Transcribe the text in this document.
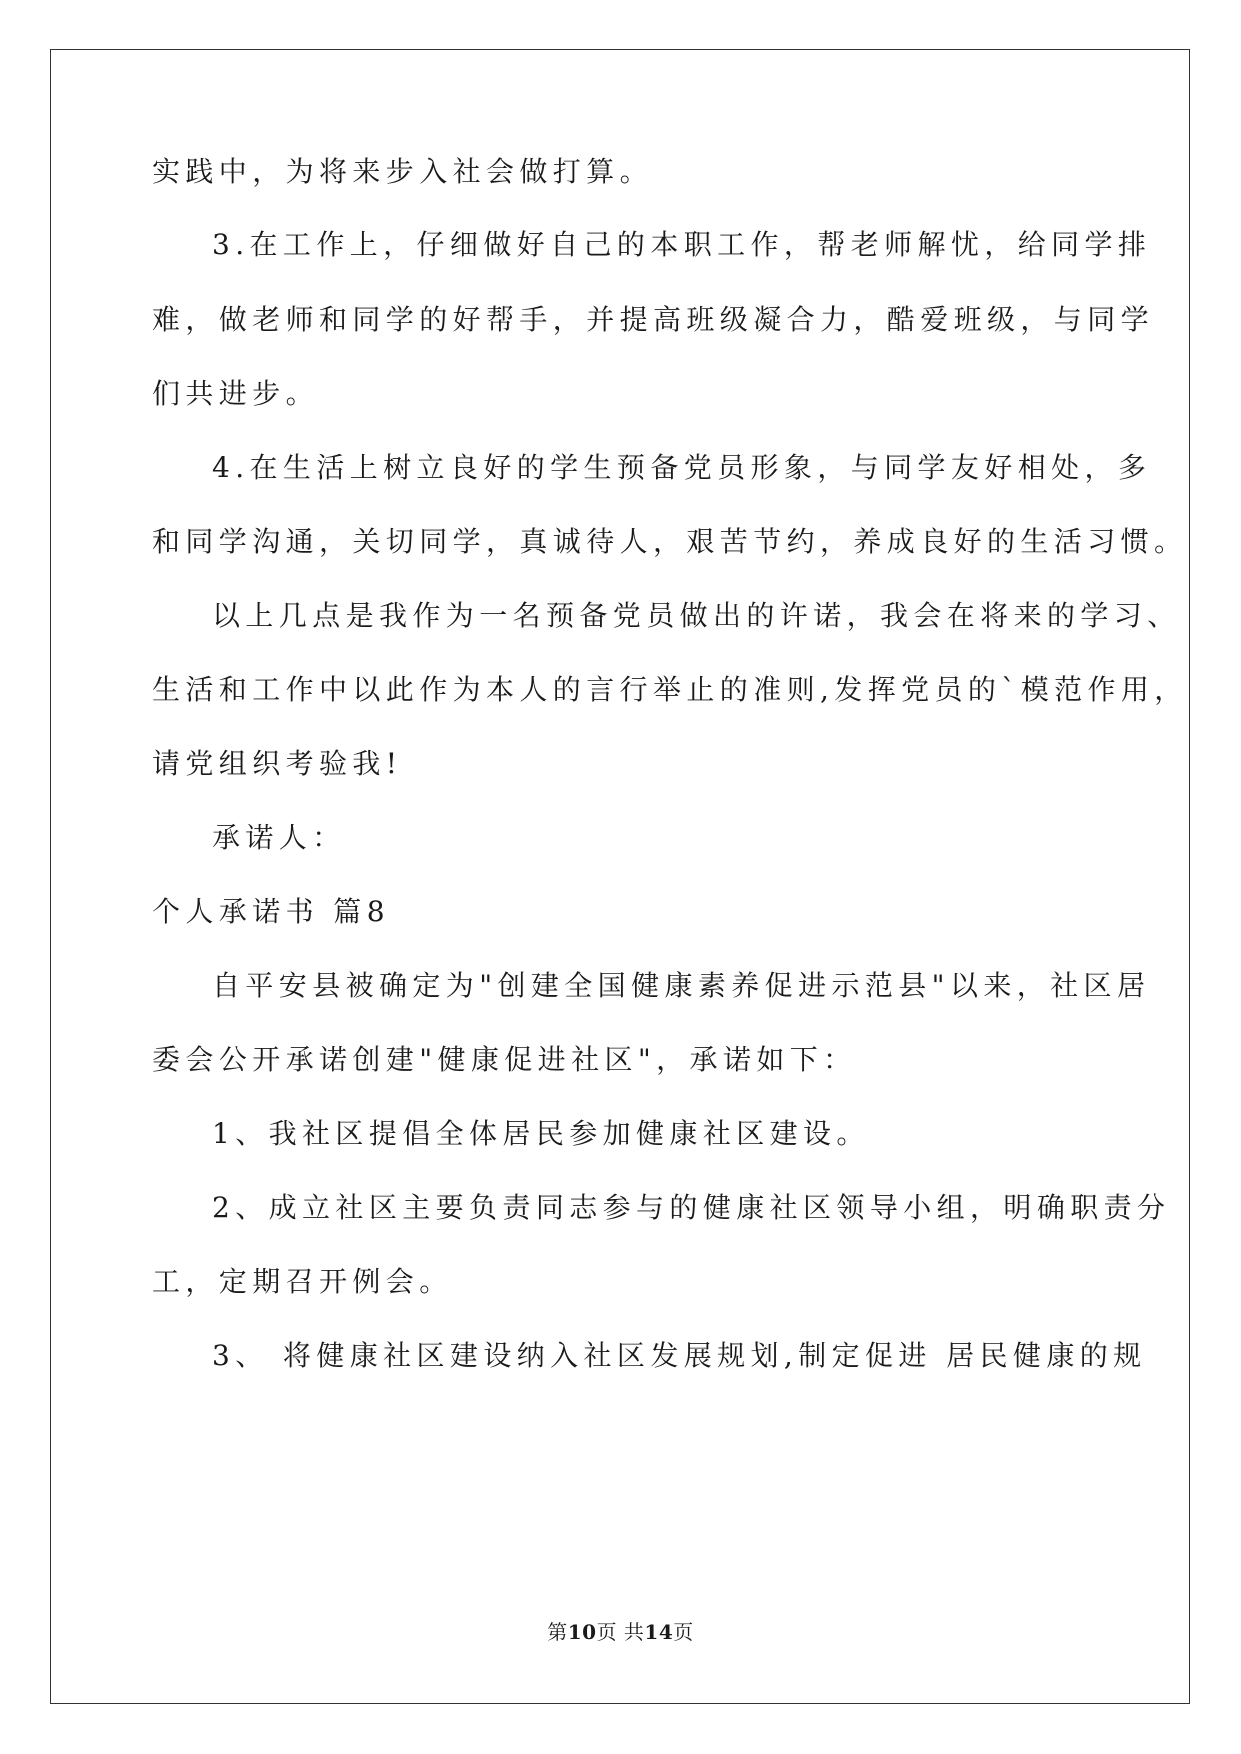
实践中，为将来步入社会做打算。
3.在工作上，仔细做好自己的本职工作，帮老师解忧，给同学排
难，做老师和同学的好帮手，并提高班级凝合力，酷爱班级，与同学
们共进步。
4.在生活上树立良好的学生预备党员形象，与同学友好相处，多
和同学沟通，关切同学，真诚待人，艰苦节约，养成良好的生活习惯。
以上几点是我作为一名预备党员做出的许诺，我会在将来的学习、
生活和工作中以此作为本人的言行举止的准则,发挥党员的`模范作用，
请党组织考验我!
承诺人：
个人承诺书 篇8
自平安县被确定为"创建全国健康素养促进示范县"以来，社区居
委会公开承诺创建"健康促进社区"，承诺如下：
1、我社区提倡全体居民参加健康社区建设。
2、成立社区主要负责同志参与的健康社区领导小组，明确职责分
工，定期召开例会。
3、 将健康社区建设纳入社区发展规划,制定促进 居民健康的规
第10页 共14页
